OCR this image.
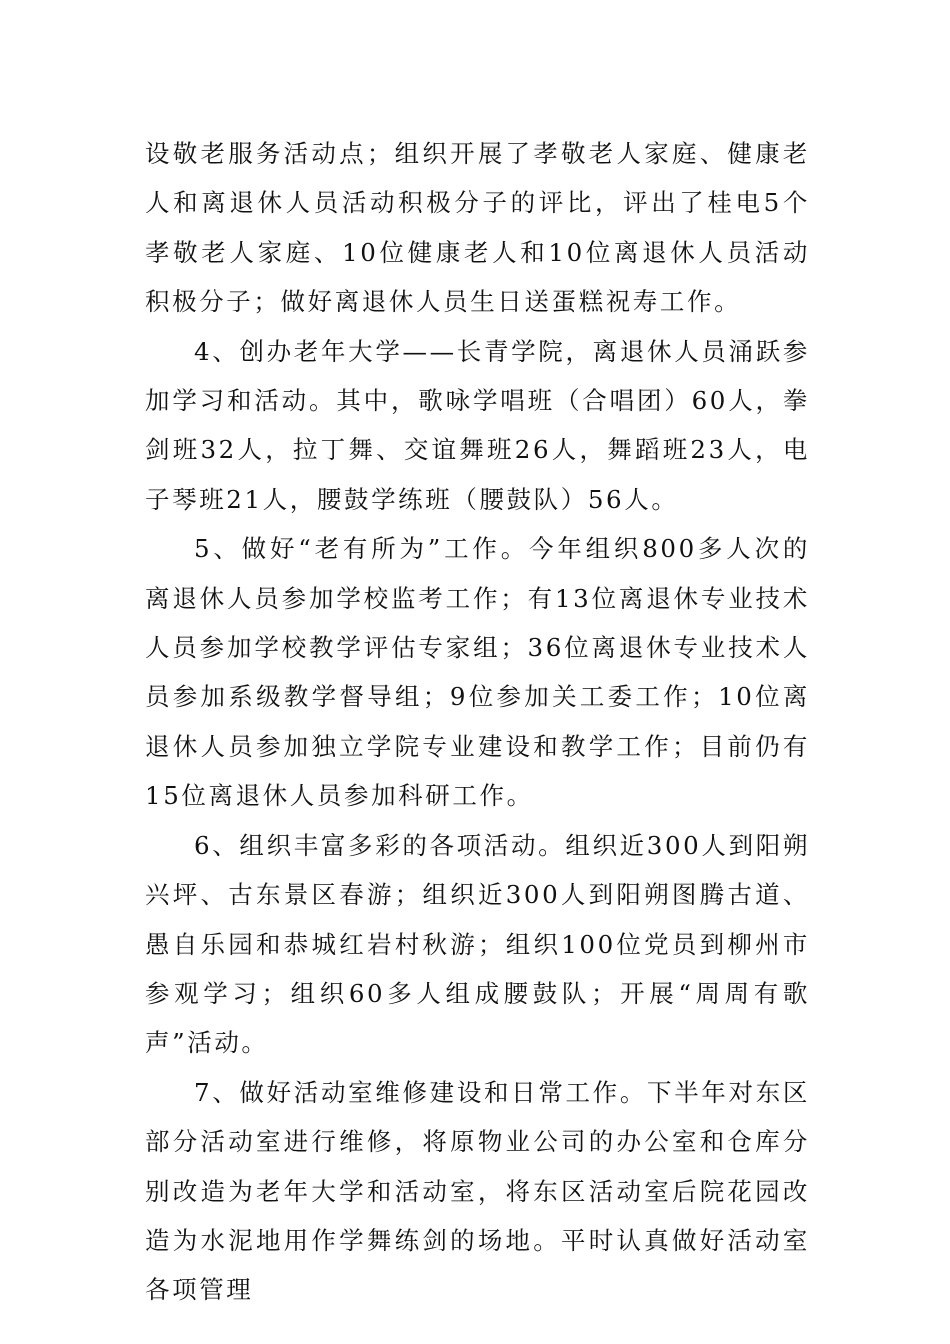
设敬老服务活动点；组织开展了孝敬老人家庭、健康老人和离退休人员活动积极分子的评比，评出了桂电5个孝敬老人家庭、10位健康老人和10位离退休人员活动积极分子；做好离退休人员生日送蛋糕祝寿工作。

4、创办老年大学——长青学院，离退休人员涌跃参加学习和活动。其中，歌咏学唱班（合唱团）60人，拳剑班32人，拉丁舞、交谊舞班26人，舞蹈班23人，电子琴班21人，腰鼓学练班（腰鼓队）56人。

5、做好“老有所为”工作。今年组织800多人次的离退休人员参加学校监考工作；有13位离退休专业技术人员参加学校教学评估专家组；36位离退休专业技术人员参加系级教学督导组；9位参加关工委工作；10位离退休人员参加独立学院专业建设和教学工作；目前仍有15位离退休人员参加科研工作。

6、组织丰富多彩的各项活动。组织近300人到阳朔兴坪、古东景区春游；组织近300人到阳朔图腾古道、愚自乐园和恭城红岩村秋游；组织100位党员到柳州市参观学习；组织60多人组成腰鼓队；开展“周周有歌声”活动。

7、做好活动室维修建设和日常工作。下半年对东区部分活动室进行维修，将原物业公司的办公室和仓库分别改造为老年大学和活动室，将东区活动室后院花园改造为水泥地用作学舞练剑的场地。平时认真做好活动室各项管理
